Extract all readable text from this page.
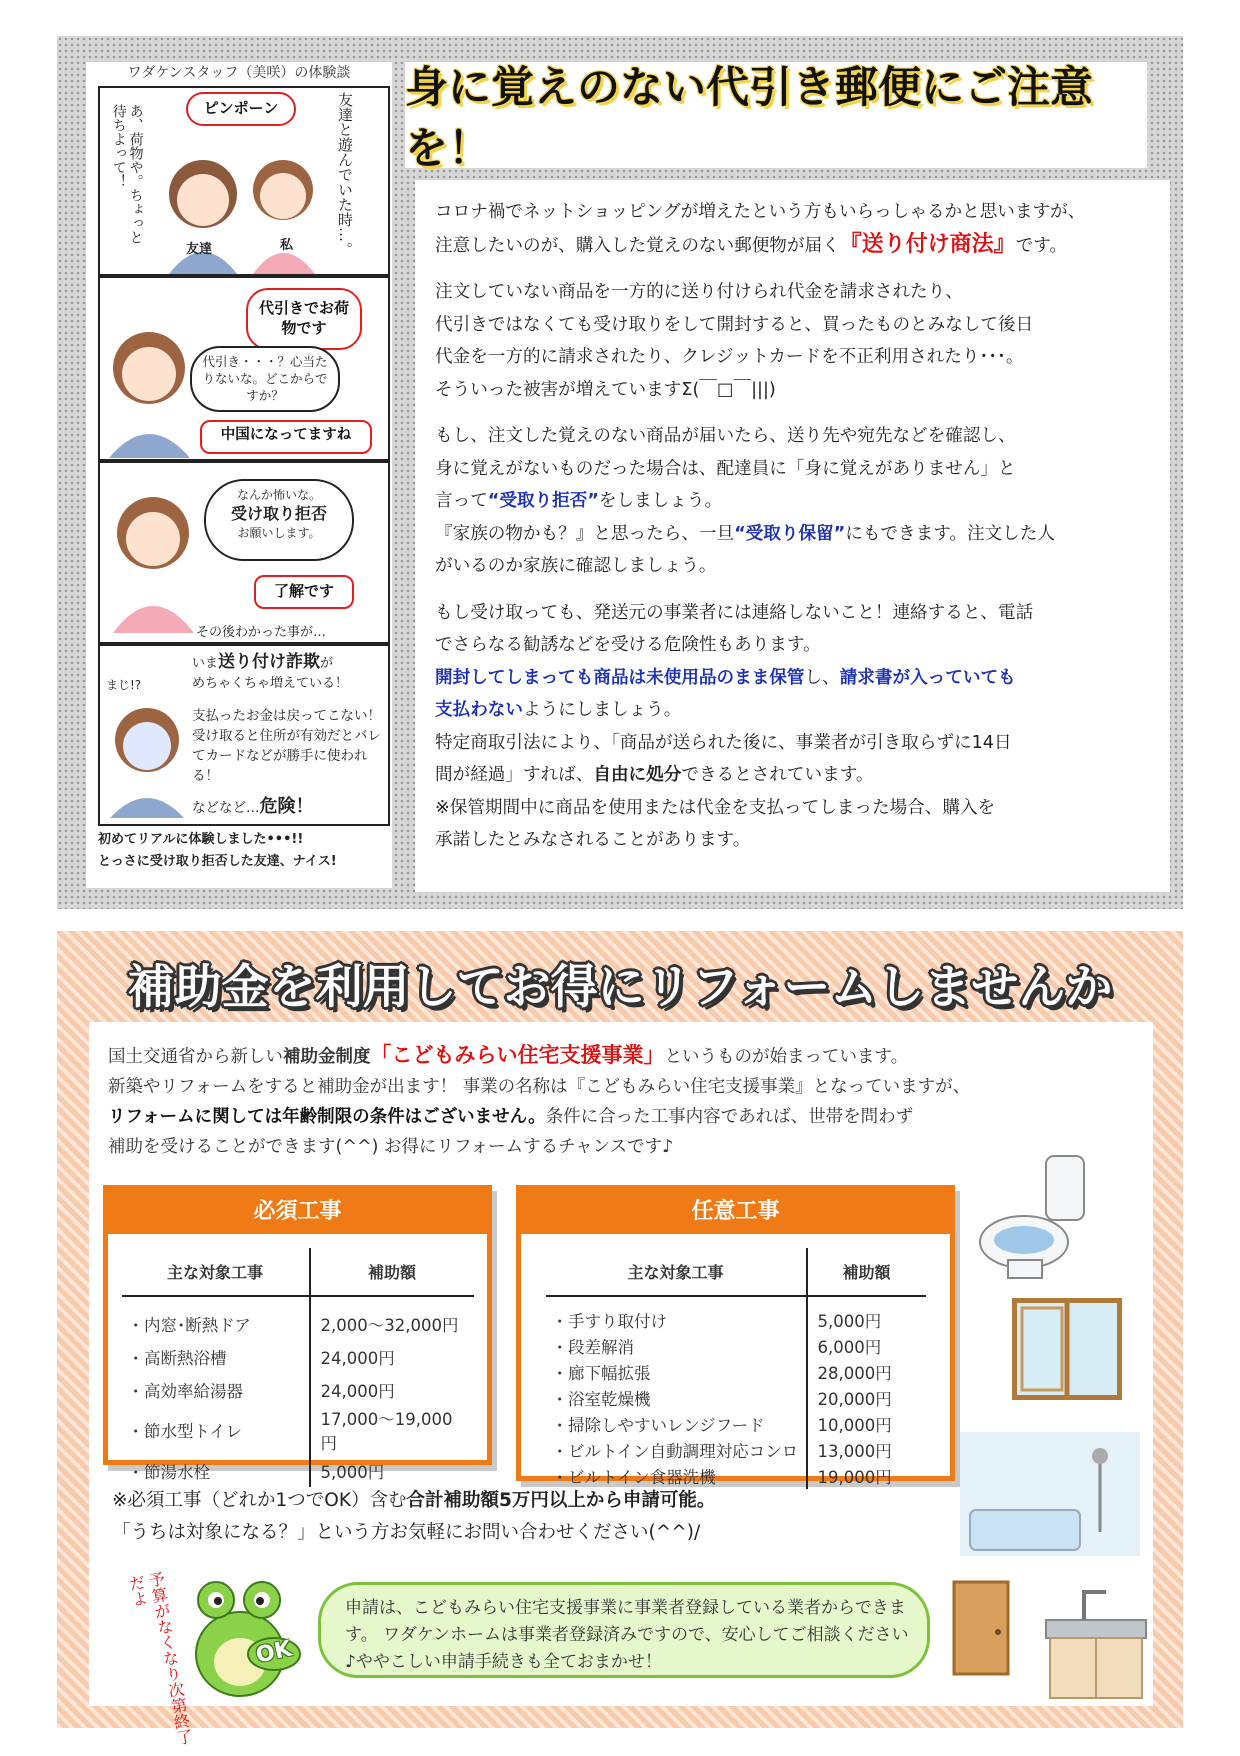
ワダケンスタッフ（美咲）の体験談
ピンポーン
あ、荷物や。ちょっと待ちよって！	友達と遊んでいた時…。
友達	私
代引きでお荷物です
代引き・・・？心当たりないな。どこからですか？
中国になってますね
なんか怖いな。
受け取り拒否
お願いします。
了解です
その後わかった事が…
まじ!?
いま送り付け詐欺が
めちゃくちゃ増えている！
支払ったお金は戻ってこない！受け取ると住所が有効だとバレてカードなどが勝手に使われる！
などなど…危険！
初めてリアルに体験しました•••!!
とっさに受け取り拒否した友達、ナイス!
身に覚えのない代引き郵便にご注意を！

コロナ禍でネットショッピングが増えたという方もいらっしゃるかと思いますが、
注意したいのが、購入した覚えのない郵便物が届く『送り付け商法』です。

注文していない商品を一方的に送り付けられ代金を請求されたり、
代引きではなくても受け取りをして開封すると、買ったものとみなして後日
代金を一方的に請求されたり、クレジットカードを不正利用されたり･･･。
そういった被害が増えていますΣ(￣□￣|||)

もし、注文した覚えのない商品が届いたら、送り先や宛先などを確認し、
身に覚えがないものだった場合は、配達員に「身に覚えがありません」と
言って“受取り拒否”をしましょう。
『家族の物かも？』と思ったら、一旦“受取り保留”にもできます。注文した人
がいるのか家族に確認しましょう。

もし受け取っても、発送元の事業者には連絡しないこと！連絡すると、電話
でさらなる勧誘などを受ける危険性もあります。
開封してしまっても商品は未使用品のまま保管し、請求書が入っていても
支払わないようにしましょう。
特定商取引法により、「商品が送られた後に、事業者が引き取らずに14日
間が経過」すれば、自由に処分できるとされています。
※保管期間中に商品を使用または代金を支払ってしまった場合、購入を
承諾したとみなされることがあります。

補助金を利用してお得にリフォームしませんか
国土交通省から新しい補助金制度「こどもみらい住宅支援事業」というものが始まっています。
新築やリフォームをすると補助金が出ます！ 事業の名称は『こどもみらい住宅支援事業』となっていますが、
リフォームに関しては年齢制限の条件はございません。条件に合った工事内容であれば、世帯を問わず
補助を受けることができます(^^) お得にリフォームするチャンスです♪
必須工事
主な対象工事	補助額
・内窓･断熱ドア	2,000～32,000円
・高断熱浴槽	24,000円
・高効率給湯器	24,000円
・節水型トイレ	17,000～19,000円
・節湯水栓	5,000円
任意工事
主な対象工事	補助額
・手すり取付け	5,000円
・段差解消	6,000円
・廊下幅拡張	28,000円
・浴室乾燥機	20,000円
・掃除しやすいレンジフード	10,000円
・ビルトイン自動調理対応コンロ	13,000円
・ビルトイン食器洗機	19,000円
※必須工事（どれか1つでOK）含む合計補助額5万円以上から申請可能。
「うちは対象になる？」という方お気軽にお問い合わせください(^^)/
予算がなくなり次第終了だよ
OK
申請は、こどもみらい住宅支援事業に事業者登録している業者からできます。 ワダケンホームは事業者登録済みですので、安心してご相談ください♪ややこしい申請手続きも全ておまかせ！
